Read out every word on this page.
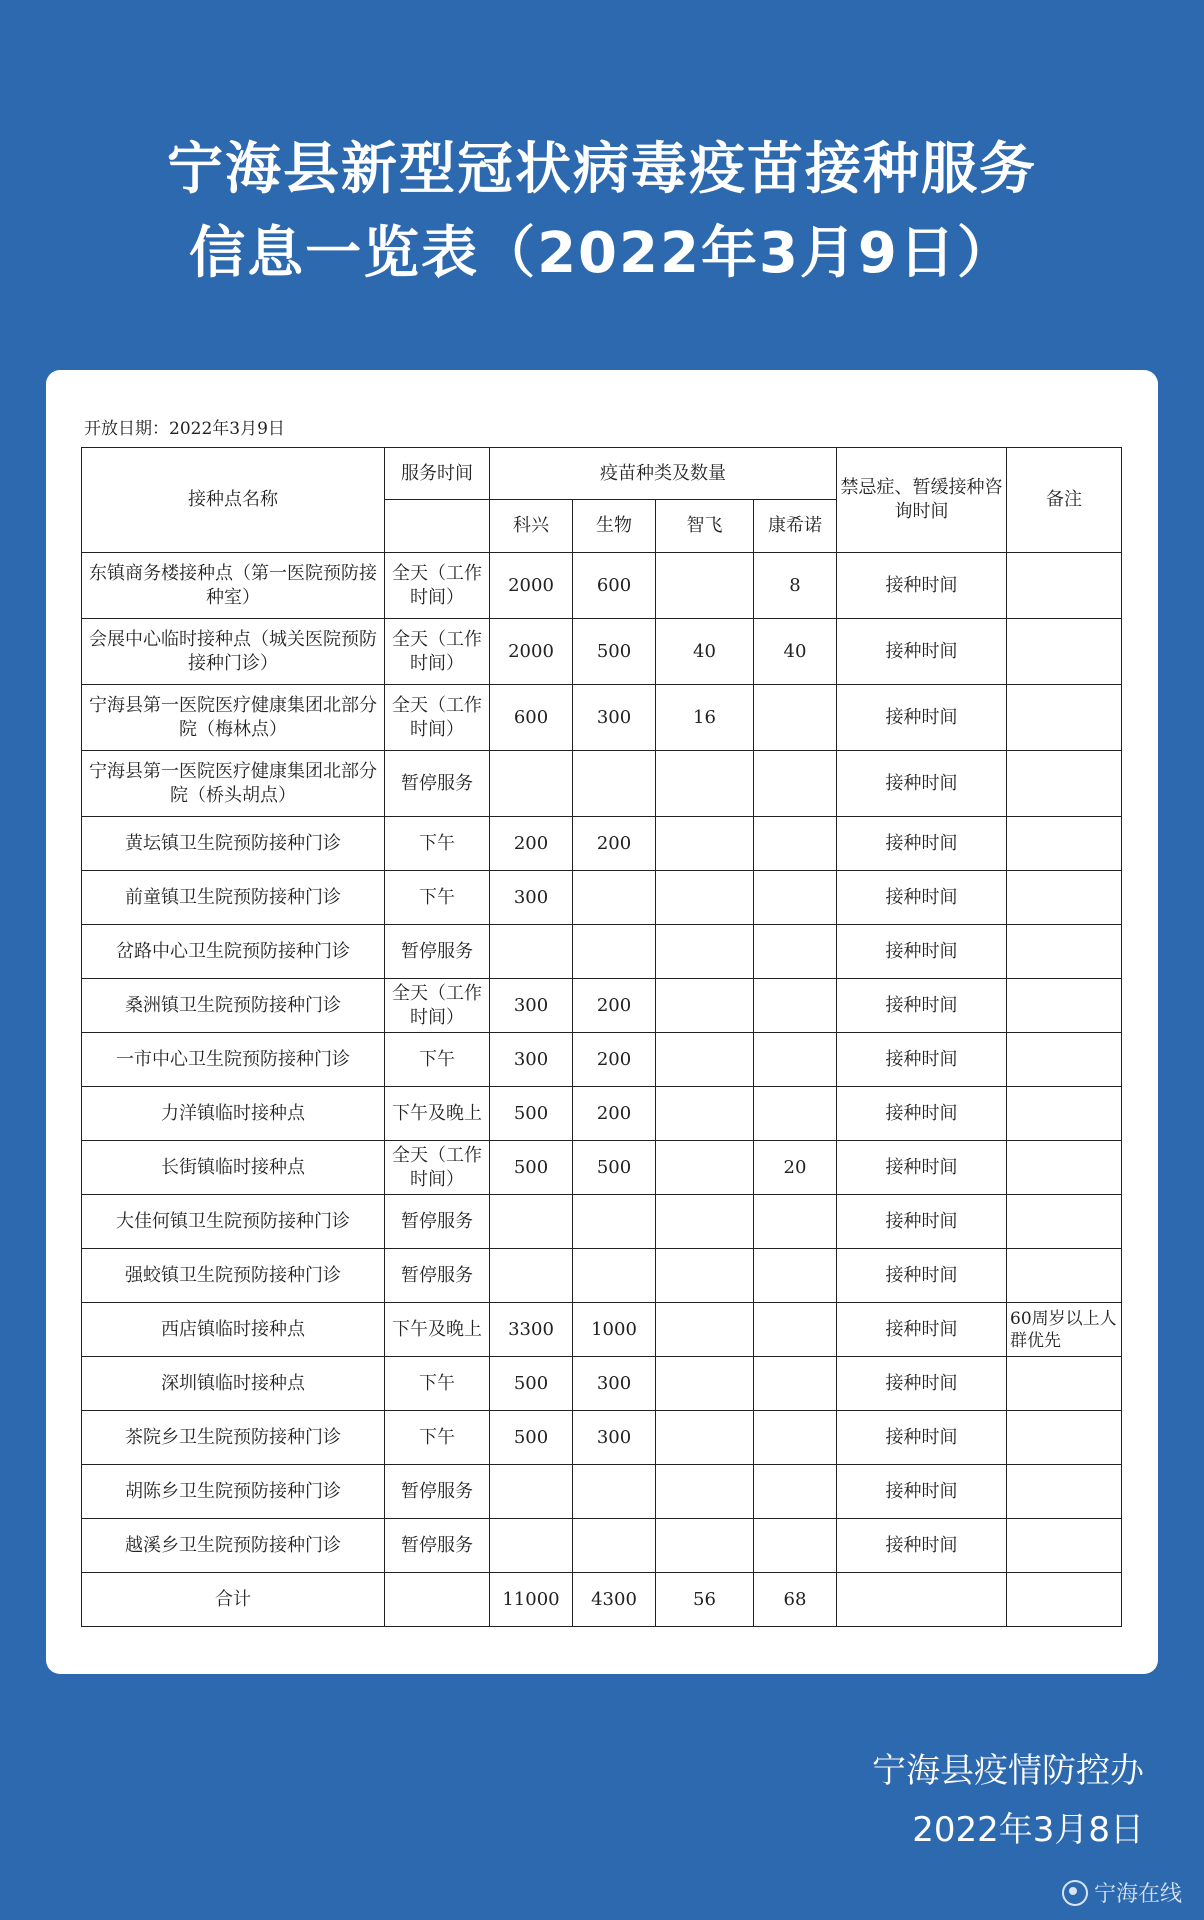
宁海县新型冠状病毒疫苗接种服务
信息一览表（2022年3月9日）
开放日期：2022年3月9日
接种点名称	服务时间	疫苗种类及数量				禁忌症、暂缓接种咨询时间	备注
		科兴	生物	智飞	康希诺		
东镇商务楼接种点（第一医院预防接种室）	全天（工作时间）	2000	600		8	接种时间	
会展中心临时接种点（城关医院预防接种门诊）	全天（工作时间）	2000	500	40	40	接种时间	
宁海县第一医院医疗健康集团北部分院（梅林点）	全天（工作时间）	600	300	16		接种时间	
宁海县第一医院医疗健康集团北部分院（桥头胡点）	暂停服务					接种时间	
黄坛镇卫生院预防接种门诊	下午	200	200			接种时间	
前童镇卫生院预防接种门诊	下午	300				接种时间	
岔路中心卫生院预防接种门诊	暂停服务					接种时间	
桑洲镇卫生院预防接种门诊	全天（工作时间）	300	200			接种时间	
一市中心卫生院预防接种门诊	下午	300	200			接种时间	
力洋镇临时接种点	下午及晚上	500	200			接种时间	
长街镇临时接种点	全天（工作时间）	500	500		20	接种时间	
大佳何镇卫生院预防接种门诊	暂停服务					接种时间	
强蛟镇卫生院预防接种门诊	暂停服务					接种时间	
西店镇临时接种点	下午及晚上	3300	1000			接种时间	60周岁以上人群优先
深圳镇临时接种点	下午	500	300			接种时间	
茶院乡卫生院预防接种门诊	下午	500	300			接种时间	
胡陈乡卫生院预防接种门诊	暂停服务					接种时间	
越溪乡卫生院预防接种门诊	暂停服务					接种时间	
合计		11000	4300	56	68		
宁海县疫情防控办
2022年3月8日
宁海在线
